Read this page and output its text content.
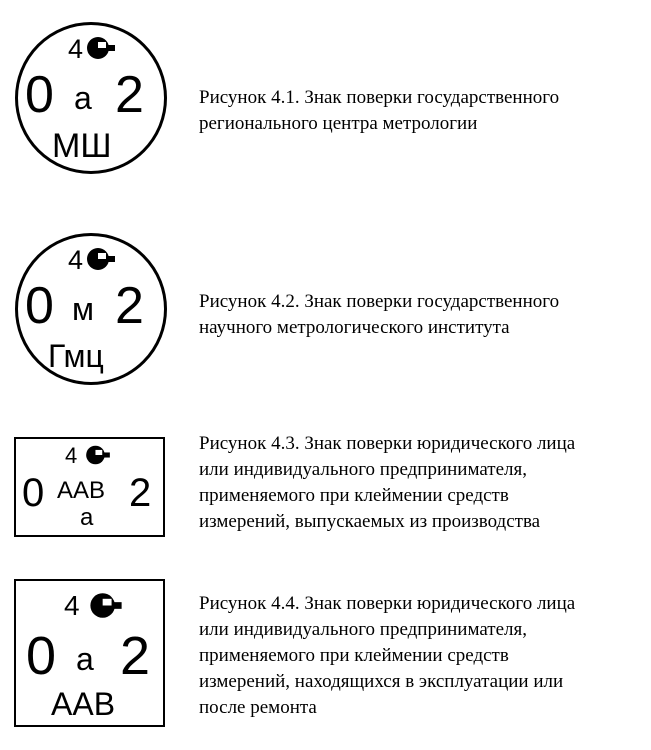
4
0 а 2
МШ
Рисунок 4.1. Знак поверки государственного
регионального центра метрологии
4
0 м 2
Гмц
Рисунок 4.2. Знак поверки государственного
научного метрологического института
4
0 ААВ 2
а
Рисунок 4.3. Знак поверки юридического лица
или индивидуального предпринимателя,
применяемого при клеймении средств
измерений, выпускаемых из производства
4
0 а 2
ААВ
Рисунок 4.4. Знак поверки юридического лица
или индивидуального предпринимателя,
применяемого при клеймении средств
измерений, находящихся в эксплуатации или
после ремонта
